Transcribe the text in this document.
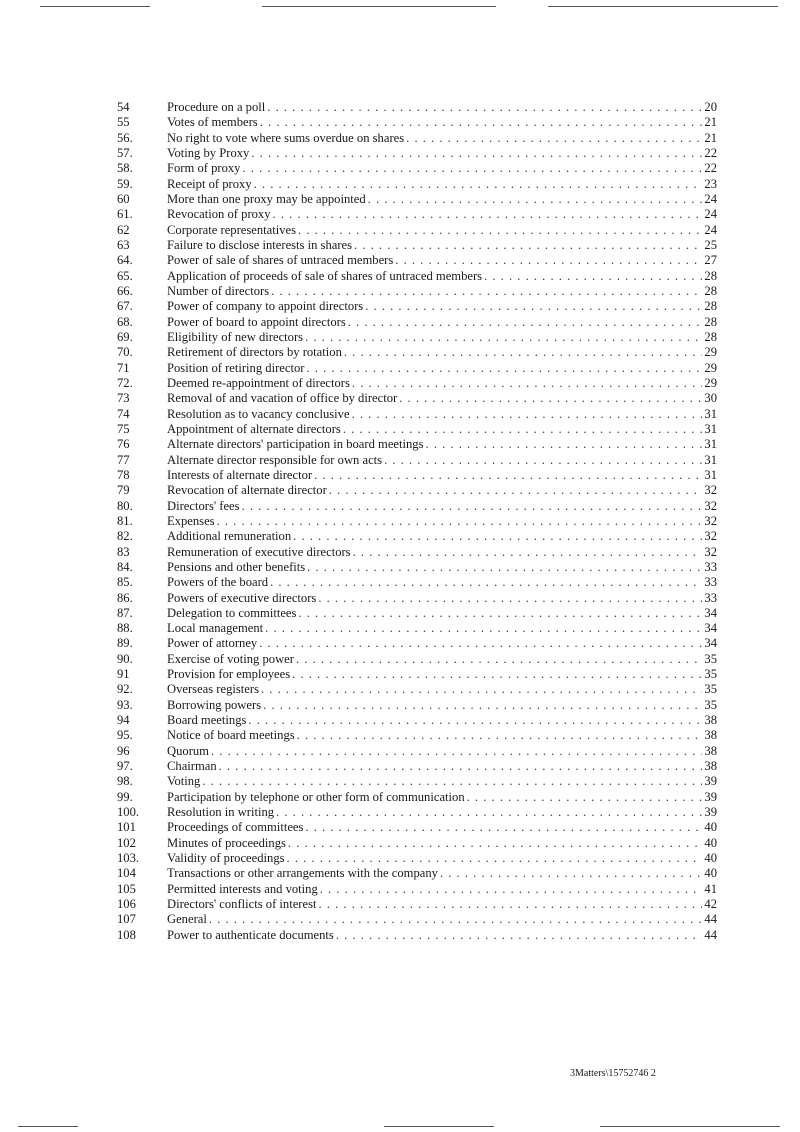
54	Procedure on a poll . . .	20
55	Votes of members . . .	21
56.	No right to vote where sums overdue on shares . . .	21
57.	Voting by Proxy . . .	22
58.	Form of proxy . . .	22
59.	Receipt of proxy . . .	23
60	More than one proxy may be appointed . . .	24
61.	Revocation of proxy . . .	24
62	Corporate representatives . . .	24
63	Failure to disclose interests in shares . . .	25
64.	Power of sale of shares of untraced members . . .	27
65.	Application of proceeds of sale of shares of untraced members . . .	28
66.	Number of directors . . .	28
67.	Power of company to appoint directors . . .	28
68.	Power of board to appoint directors . . .	28
69.	Eligibility of new directors . . .	28
70.	Retirement of directors by rotation . . .	29
71	Position of retiring director . . .	29
72.	Deemed re-appointment of directors . . .	29
73	Removal of and vacation of office by director . . .	30
74	Resolution as to vacancy conclusive . . .	31
75	Appointment of alternate directors . . .	31
76	Alternate directors' participation in board meetings . . .	31
77	Alternate director responsible for own acts . . .	31
78	Interests of alternate director . . .	31
79	Revocation of alternate director . . .	32
80.	Directors' fees . . .	32
81.	Expenses . . .	32
82.	Additional remuneration . . .	32
83	Remuneration of executive directors . . .	32
84.	Pensions and other benefits . . .	33
85.	Powers of the board . . .	33
86.	Powers of executive directors . . .	33
87.	Delegation to committees . . .	34
88.	Local management . . .	34
89.	Power of attorney . . .	34
90.	Exercise of voting power . . .	35
91	Provision for employees . . .	35
92.	Overseas registers . . .	35
93.	Borrowing powers . . .	35
94	Board meetings . . .	38
95.	Notice of board meetings . . .	38
96	Quorum . . .	38
97.	Chairman . . .	38
98.	Voting . . .	39
99.	Participation by telephone or other form of communication . . .	39
100.	Resolution in writing . . .	39
101	Proceedings of committees . . .	40
102	Minutes of proceedings . . .	40
103.	Validity of proceedings . . .	40
104	Transactions or other arrangements with the company . . .	40
105	Permitted interests and voting . . .	41
106	Directors' conflicts of interest . . .	42
107	General . . .	44
108	Power to authenticate documents . . .	44
3Matters\15752746 2
